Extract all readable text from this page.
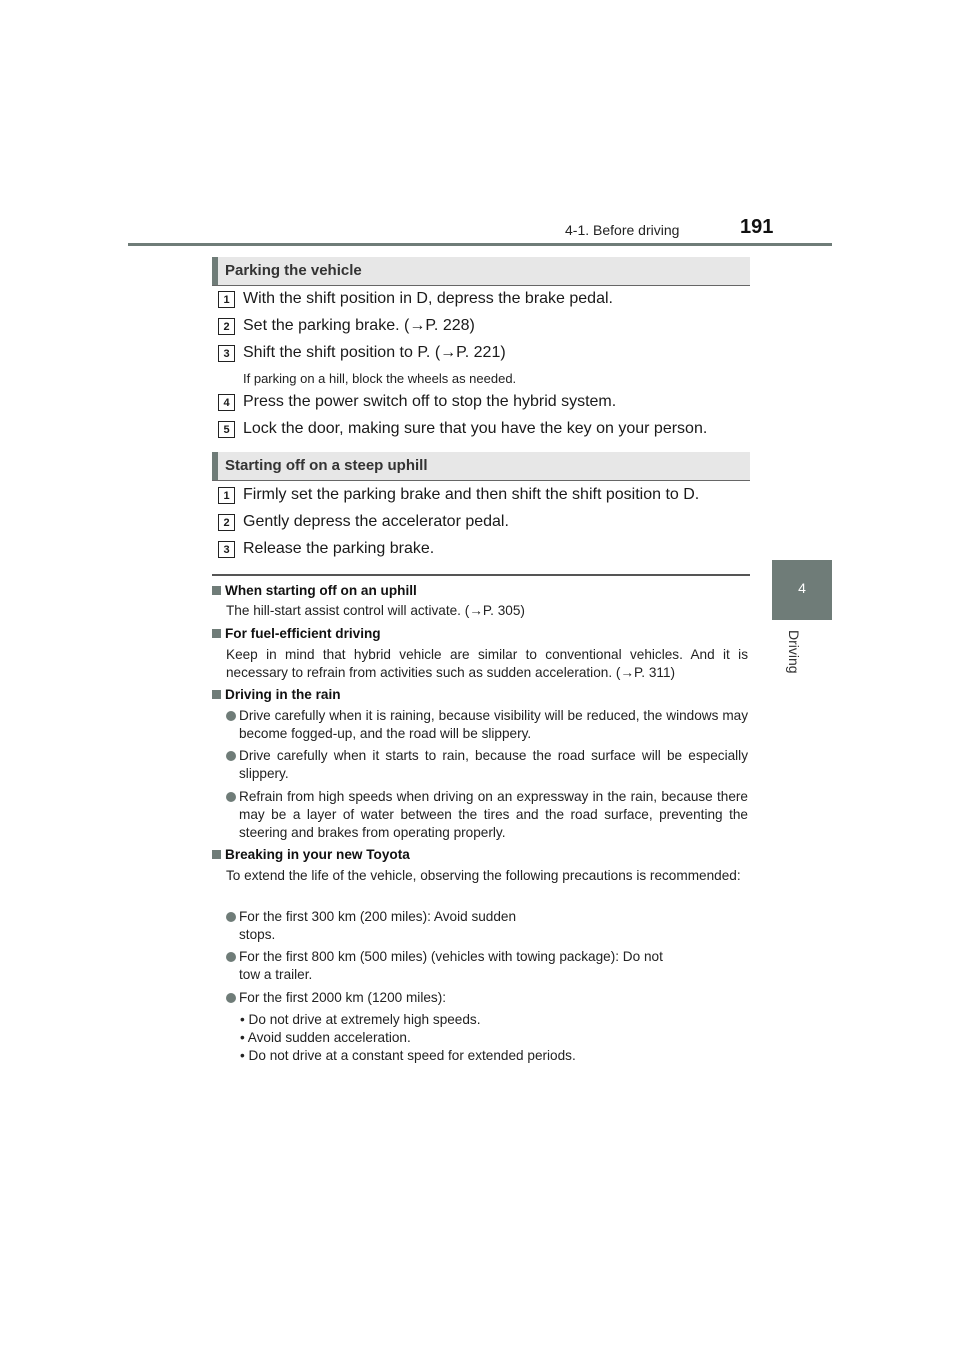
4-1. Before driving	191
4
Driving
Parking the vehicle
1 With the shift position in D, depress the brake pedal.
2 Set the parking brake. (→P. 228)
3 Shift the shift position to P. (→P. 221)
If parking on a hill, block the wheels as needed.
4 Press the power switch off to stop the hybrid system.
5 Lock the door, making sure that you have the key on your person.
Starting off on a steep uphill
1 Firmly set the parking brake and then shift the shift position to D.
2 Gently depress the accelerator pedal.
3 Release the parking brake.
When starting off on an uphill
The hill-start assist control will activate. (→P. 305)
For fuel-efficient driving
Keep in mind that hybrid vehicle are similar to conventional vehicles. And it is necessary to refrain from activities such as sudden acceleration. (→P. 311)
Driving in the rain
Drive carefully when it is raining, because visibility will be reduced, the windows may become fogged-up, and the road will be slippery.
Drive carefully when it starts to rain, because the road surface will be especially slippery.
Refrain from high speeds when driving on an expressway in the rain, because there may be a layer of water between the tires and the road surface, preventing the steering and brakes from operating properly.
Breaking in your new Toyota
To extend the life of the vehicle, observing the following precautions is recommended:
For the first 300 km (200 miles): Avoid sudden stops.
For the first 800 km (500 miles) (vehicles with towing package): Do not tow a trailer.
For the first 2000 km (1200 miles):
• Do not drive at extremely high speeds.
• Avoid sudden acceleration.
• Do not drive at a constant speed for extended periods.
